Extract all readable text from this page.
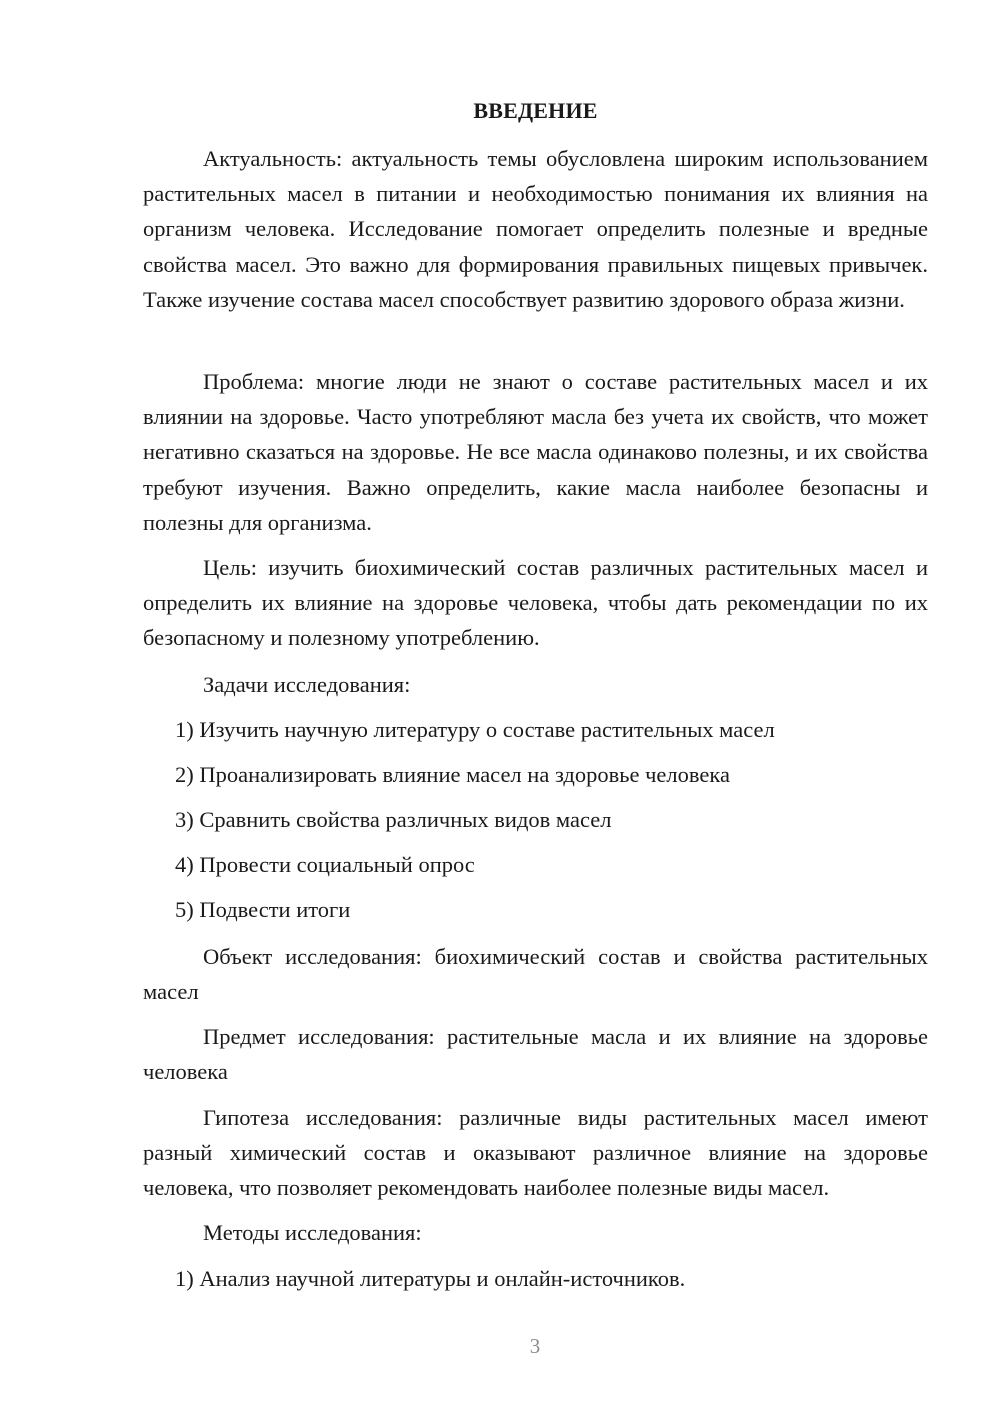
ВВЕДЕНИЕ

Актуальность: актуальность темы обусловлена широким использованием растительных масел в питании и необходимостью понимания их влияния на организм человека. Исследование помогает определить полезные и вредные свойства масел. Это важно для формирования правильных пищевых привычек. Также изучение состава масел способствует развитию здорового образа жизни.

Проблема: многие люди не знают о составе растительных масел и их влиянии на здоровье. Часто употребляют масла без учета их свойств, что может негативно сказаться на здоровье. Не все масла одинаково полезны, и их свойства требуют изучения. Важно определить, какие масла наиболее безопасны и полезны для организма.

Цель: изучить биохимический состав различных растительных масел и определить их влияние на здоровье человека, чтобы дать рекомендации по их безопасному и полезному употреблению.

Задачи исследования:
1) Изучить научную литературу о составе растительных масел
2) Проанализировать влияние масел на здоровье человека
3) Сравнить свойства различных видов масел
4) Провести социальный опрос
5) Подвести итоги

Объект исследования: биохимический состав и свойства растительных масел

Предмет исследования: растительные масла и их влияние на здоровье человека

Гипотеза исследования: различные виды растительных масел имеют разный химический состав и оказывают различное влияние на здоровье человека, что позволяет рекомендовать наиболее полезные виды масел.

Методы исследования:
1) Анализ научной литературы и онлайн-источников.
3
